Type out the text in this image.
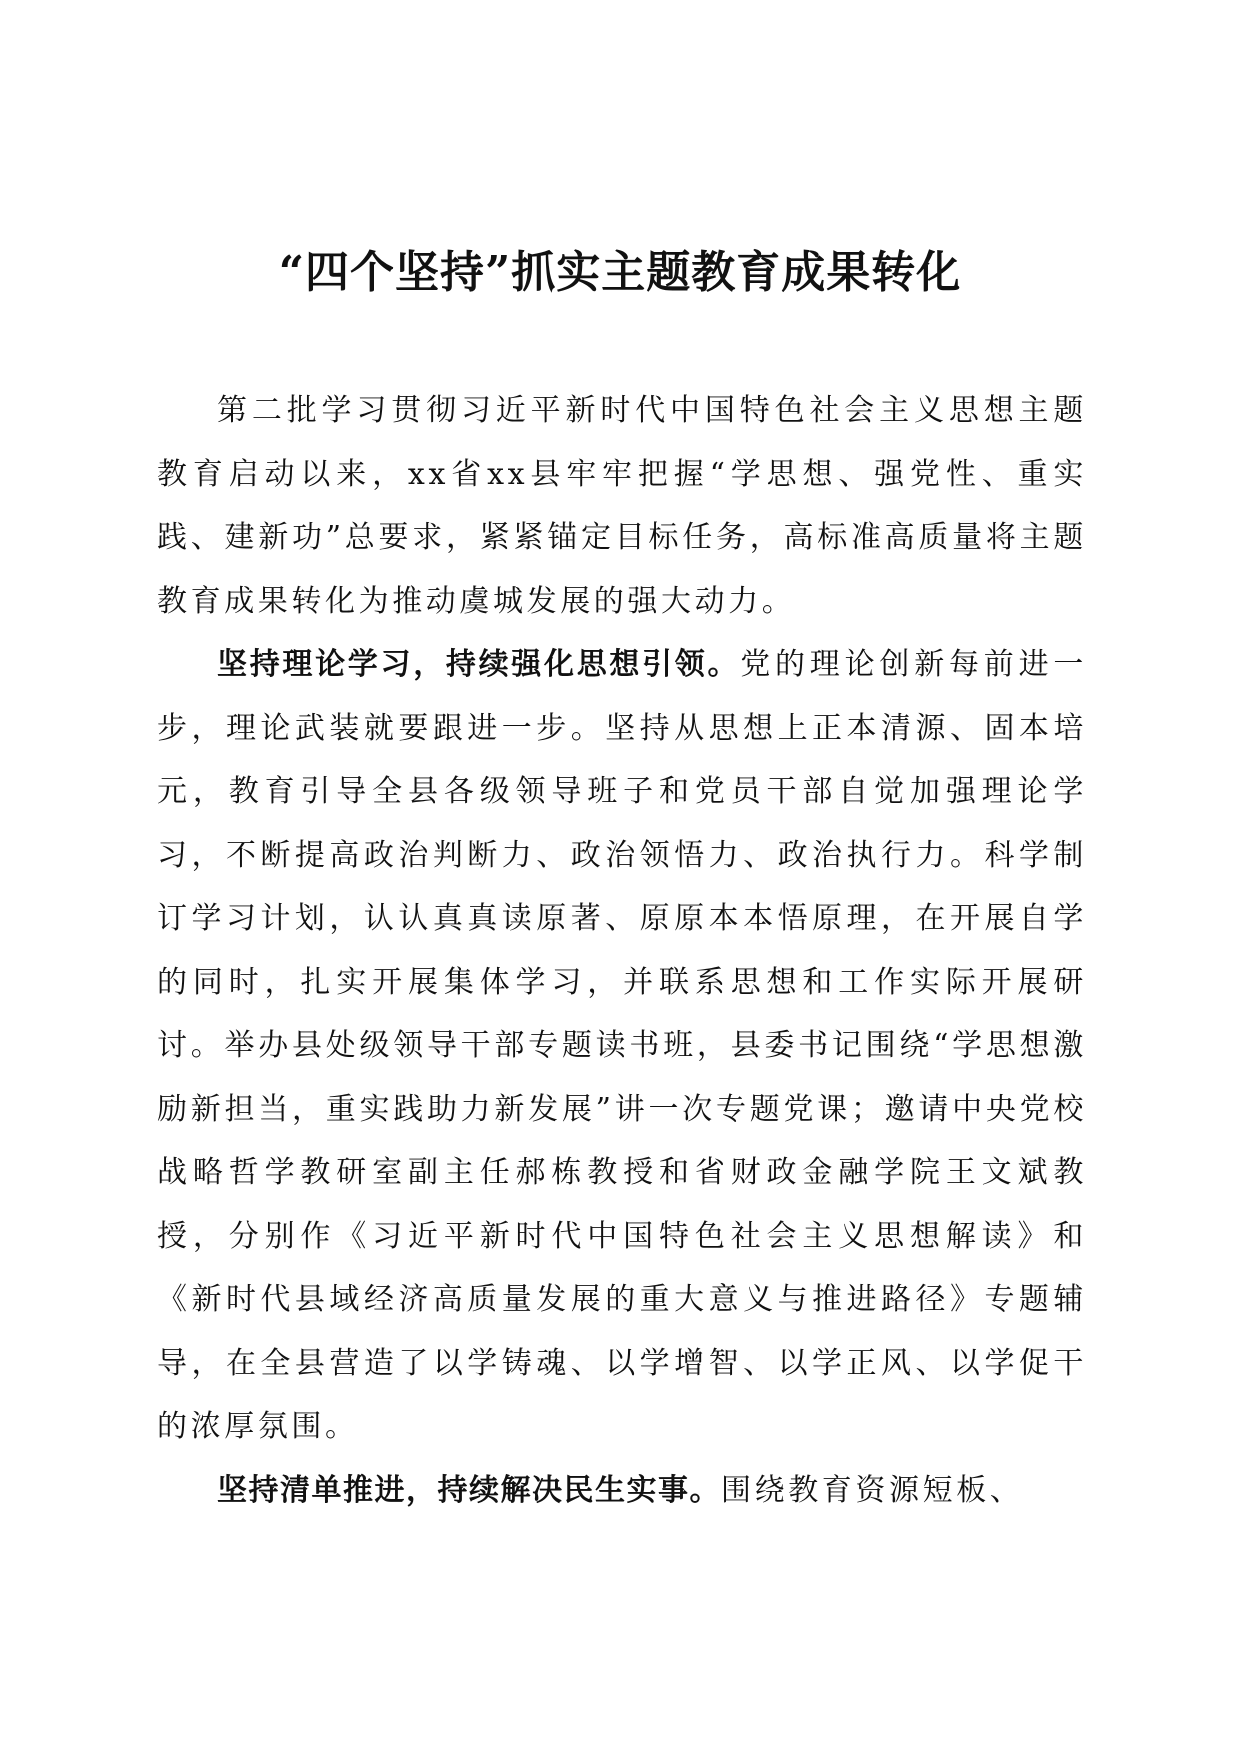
“四个坚持”抓实主题教育成果转化

第二批学习贯彻习近平新时代中国特色社会主义思想主题教育启动以来，xx省xx县牢牢把握“学思想、强党性、重实践、建新功”总要求，紧紧锚定目标任务，高标准高质量将主题教育成果转化为推动虞城发展的强大动力。

坚持理论学习，持续强化思想引领。党的理论创新每前进一步，理论武装就要跟进一步。坚持从思想上正本清源、固本培元，教育引导全县各级领导班子和党员干部自觉加强理论学习，不断提高政治判断力、政治领悟力、政治执行力。科学制订学习计划，认认真真读原著、原原本本悟原理，在开展自学的同时，扎实开展集体学习，并联系思想和工作实际开展研讨。举办县处级领导干部专题读书班，县委书记围绕“学思想激励新担当，重实践助力新发展”讲一次专题党课；邀请中央党校战略哲学教研室副主任郝栋教授和省财政金融学院王文斌教授，分别作《习近平新时代中国特色社会主义思想解读》和《新时代县域经济高质量发展的重大意义与推进路径》专题辅导，在全县营造了以学铸魂、以学增智、以学正风、以学促干的浓厚氛围。

坚持清单推进，持续解决民生实事。围绕教育资源短板、
